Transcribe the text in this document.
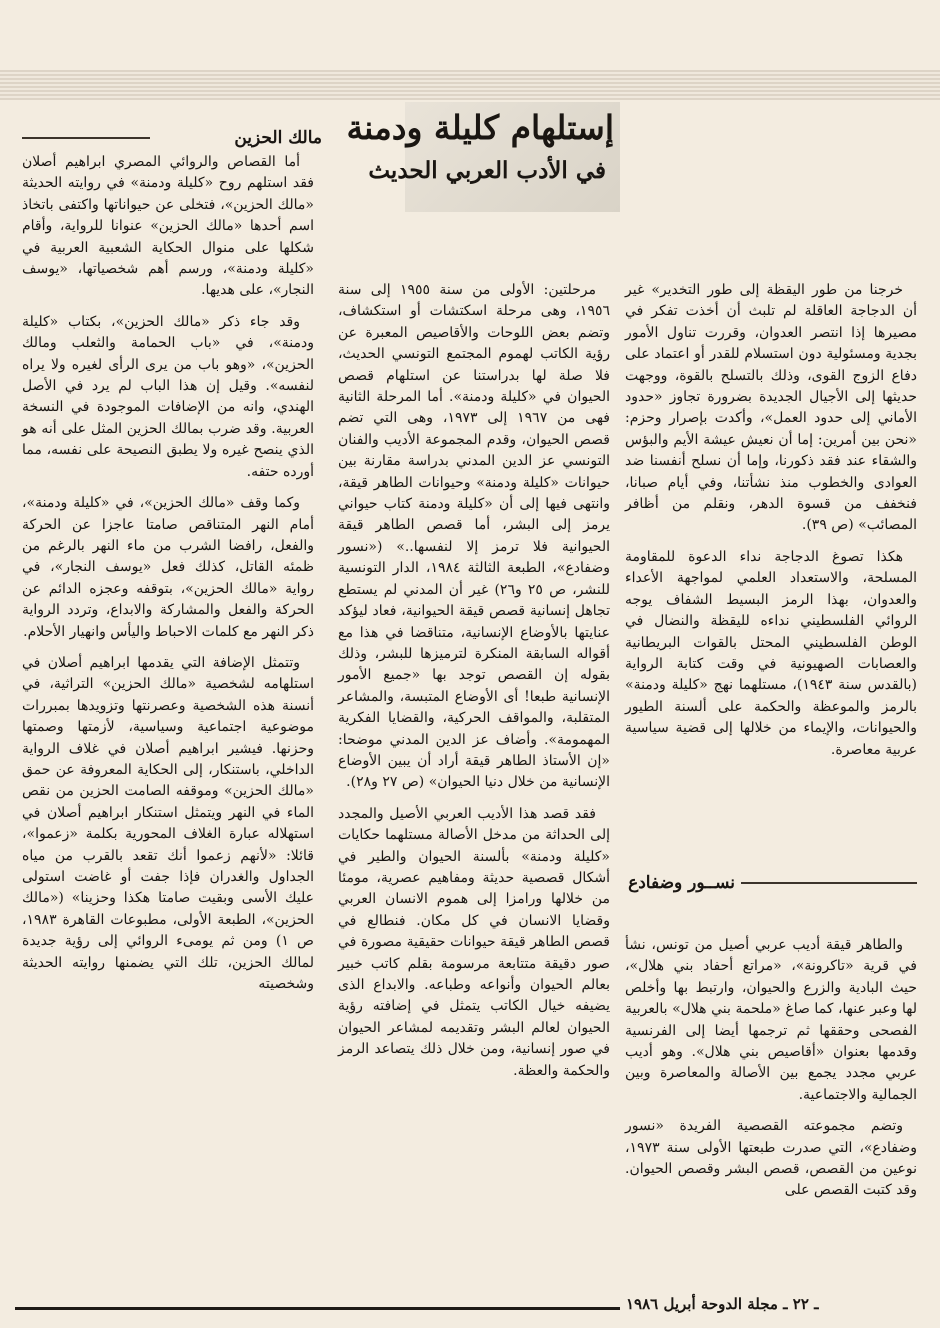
مالك الحزين إستلهام كليلة ودمنة
في الأدب العربي الحديث

أما القصاص والروائي المصري ابراهيم أصلان فقد استلهم روح «كليلة ودمنة» في روايته الحديثة «مالك الحزين»، فتخلى عن حيواناتها واكتفى باتخاذ اسم أحدها «مالك الحزين» عنوانا للرواية، وأقام شكلها على منوال الحكاية الشعبية العربية في «كليلة ودمنة»، ورسم أهم شخصياتها، «يوسف النجار»، على هديها.

وقد جاء ذكر «مالك الحزين»، بكتاب «كليلة ودمنة»، في «باب الحمامة والثعلب ومالك الحزين»، «وهو باب من يرى الرأى لغيره ولا يراه لنفسه». وقيل إن هذا الباب لم يرد في الأصل الهندي، وانه من الإضافات الموجودة في النسخة العربية. وقد ضرب بمالك الحزين المثل على أنه هو الذي ينصح غيره ولا يطبق النصيحة على نفسه، مما أورده حتفه.

وكما وقف «مالك الحزين»، في «كليلة ودمنة»، أمام النهر المتناقص صامتا عاجزا عن الحركة والفعل، رافضا الشرب من ماء النهر بالرغم من ظمئه القاتل، كذلك فعل «يوسف النجار»، في رواية «مالك الحزين»، بتوقفه وعجزه الدائم عن الحركة والفعل والمشاركة والابداع، وتردد الرواية ذكر النهر مع كلمات الاحباط واليأس وانهيار الأحلام.

وتتمثل الإضافة التي يقدمها ابراهيم أصلان في استلهامه لشخصية «مالك الحزين» التراثية، في أنسنة هذه الشخصية وعصرنتها وتزويدها بمبررات موضوعية اجتماعية وسياسية، لأزمتها وصمتها وحزنها. فيشير ابراهيم أصلان في غلاف الرواية الداخلي، باستنكار، إلى الحكاية المعروفة عن حمق «مالك الحزين» وموقفه الصامت الحزين من نقص الماء في النهر ويتمثل استنكار ابراهيم أصلان في استهلاله عبارة الغلاف المحورية بكلمة «زعموا»، قائلا: «لأنهم زعموا أنك تقعد بالقرب من مياه الجداول والغدران فإذا جفت أو غاضت استولى عليك الأسى وبقيت صامتا هكذا وحزينا» («مالك الحزين»، الطبعة الأولى، مطبوعات القاهرة ١٩٨٣، ص ١) ومن ثم يومىء الروائي إلى رؤية جديدة لمالك الحزين، تلك التي يضمنها روايته الحديثة وشخصيته

مرحلتين: الأولى من سنة ١٩٥٥ إلى سنة ١٩٥٦، وهى مرحلة اسكتشات أو استكشاف، وتضم بعض اللوحات والأقاصيص المعبرة عن رؤية الكاتب لهموم المجتمع التونسي الحديث، فلا صلة لها بدراستنا عن استلهام قصص الحيوان في «كليلة ودمنة». أما المرحلة الثانية فهى من ١٩٦٧ إلى ١٩٧٣، وهى التي تضم قصص الحيوان، وقدم المجموعة الأديب والفنان التونسي عز الدين المدني بدراسة مقارنة بين حيوانات «كليلة ودمنة» وحيوانات الطاهر قيقة، وانتهى فيها إلى أن «كليلة ودمنة كتاب حيواني يرمز إلى البشر، أما قصص الطاهر قيقة الحيوانية فلا ترمز إلا لنفسها..» («نسور وضفادع»، الطبعة الثالثة ١٩٨٤، الدار التونسية للنشر، ص ٢٥ و٢٦) غير أن المدني لم يستطع تجاهل إنسانية قصص قيقة الحيوانية، فعاد ليؤكد عنايتها بالأوضاع الإنسانية، متناقضا في هذا مع أقواله السابقة المنكرة لترميزها للبشر، وذلك بقوله إن القصص توجد بها «جميع الأمور الإنسانية طبعا! أى الأوضاع المتبسة، والمشاعر المتقلبة، والمواقف الحركية، والقضايا الفكرية المهمومة». وأضاف عز الدين المدني موضحا: «إن الأستاذ الطاهر قيقة أراد أن يبين الأوضاع الإنسانية من خلال دنيا الحيوان» (ص ٢٧ و٢٨).

فقد قصد هذا الأديب العربي الأصيل والمجدد إلى الحداثة من مدخل الأصالة مستلهما حكايات «كليلة ودمنة» بألسنة الحيوان والطير في أشكال قصصية حديثة ومفاهيم عصرية، مومئا من خلالها ورامزا إلى هموم الانسان العربي وقضايا الانسان في كل مكان. فنطالع في قصص الطاهر قيقة حيوانات حقيقية مصورة في صور دقيقة متتابعة مرسومة بقلم كاتب خبير بعالم الحيوان وأنواعه وطباعه. والابداع الذى يضيفه خيال الكاتب يتمثل في إضافته رؤية الحيوان لعالم البشر وتقديمه لمشاعر الحيوان في صور إنسانية، ومن خلال ذلك يتصاعد الرمز والحكمة والعظة.

خرجنا من طور اليقظة إلى طور التخدير» غير أن الدجاجة العاقلة لم تلبث أن أخذت تفكر في مصيرها إذا انتصر العدوان، وقررت تناول الأمور بجدية ومسئولية دون استسلام للقدر أو اعتماد على دفاع الزوج القوى، وذلك بالتسلح بالقوة، ووجهت حديثها إلى الأجيال الجديدة بضرورة تجاوز «حدود الأماني إلى حدود العمل»، وأكدت بإصرار وحزم: «نحن بين أمرين: إما أن نعيش عيشة الأيم والبؤس والشقاء عند فقد ذكورنا، وإما أن نسلح أنفسنا ضد العوادى والخطوب منذ نشأتنا، وفي أيام صبانا، فنخفف من قسوة الدهر، ونقلم من أظافر المصائب» (ص ٣٩).

هكذا تصوغ الدجاجة نداء الدعوة للمقاومة المسلحة، والاستعداد العلمي لمواجهة الأعداء والعدوان، بهذا الرمز البسيط الشفاف يوجه الروائي الفلسطيني نداءه لليقظة والنضال في الوطن الفلسطيني المحتل بالقوات البريطانية والعصابات الصهيونية في وقت كتابة الرواية (بالقدس سنة ١٩٤٣)، مستلهما نهج «كليلة ودمنة» بالرمز والموعظة والحكمة على ألسنة الطيور والحيوانات، والإيماء من خلالها إلى قضية سياسية عربية معاصرة.

نســور وضفادع

والطاهر قيقة أديب عربي أصيل من تونس، نشأ في قرية «تاكرونة»، «مراتع أحفاد بني هلال»، حيث البادية والزرع والحيوان، وارتبط بها وأخلص لها وعبر عنها، كما صاغ «ملحمة بني هلال» بالعربية الفصحى وحققها ثم ترجمها أيضا إلى الفرنسية وقدمها بعنوان «أقاصيص بني هلال». وهو أديب عربي مجدد يجمع بين الأصالة والمعاصرة وبين الجمالية والاجتماعية.

وتضم مجموعته القصصية الفريدة «نسور وضفادع»، التي صدرت طبعتها الأولى سنة ١٩٧٣، نوعين من القصص، قصص البشر وقصص الحيوان. وقد كتبت القصص على

ـ ٢٢ ـ مجلة الدوحة أبريل ١٩٨٦
